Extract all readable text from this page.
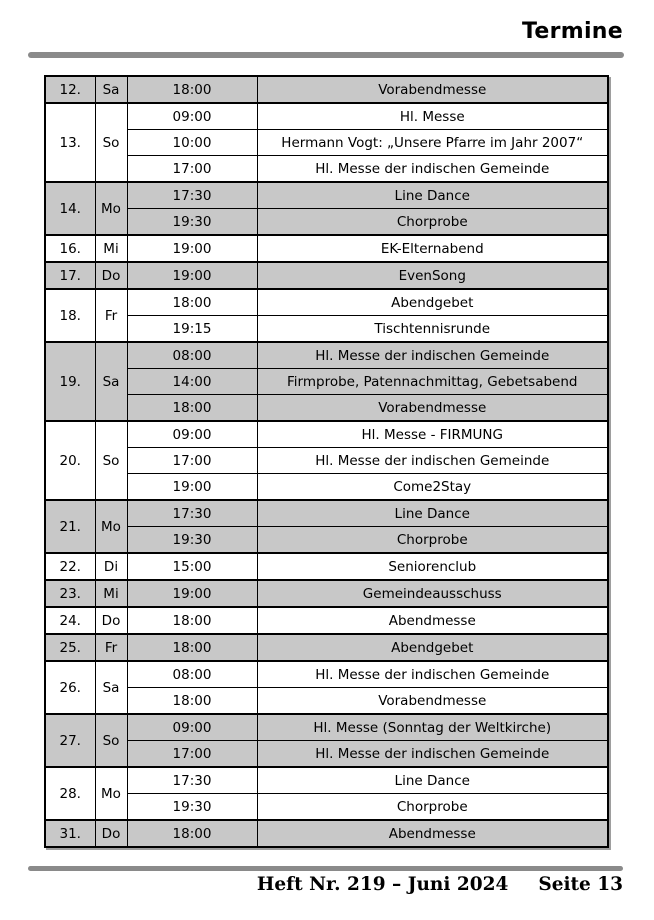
Termine
12.	Sa	18:00	Vorabendmesse
13.	So	09:00	Hl. Messe
		10:00	Hermann Vogt: „Unsere Pfarre im Jahr 2007“
		17:00	Hl. Messe der indischen Gemeinde
14.	Mo	17:30	Line Dance
		19:30	Chorprobe
16.	Mi	19:00	EK-Elternabend
17.	Do	19:00	EvenSong
18.	Fr	18:00	Abendgebet
		19:15	Tischtennisrunde
19.	Sa	08:00	Hl. Messe der indischen Gemeinde
		14:00	Firmprobe, Patennachmittag, Gebetsabend
		18:00	Vorabendmesse
20.	So	09:00	Hl. Messe - FIRMUNG
		17:00	Hl. Messe der indischen Gemeinde
		19:00	Come2Stay
21.	Mo	17:30	Line Dance
		19:30	Chorprobe
22.	Di	15:00	Seniorenclub
23.	Mi	19:00	Gemeindeausschuss
24.	Do	18:00	Abendmesse
25.	Fr	18:00	Abendgebet
26.	Sa	08:00	Hl. Messe der indischen Gemeinde
		18:00	Vorabendmesse
27.	So	09:00	Hl. Messe (Sonntag der Weltkirche)
		17:00	Hl. Messe der indischen Gemeinde
28.	Mo	17:30	Line Dance
		19:30	Chorprobe
31.	Do	18:00	Abendmesse
Heft Nr. 219 – Juni 2024 Seite 13
